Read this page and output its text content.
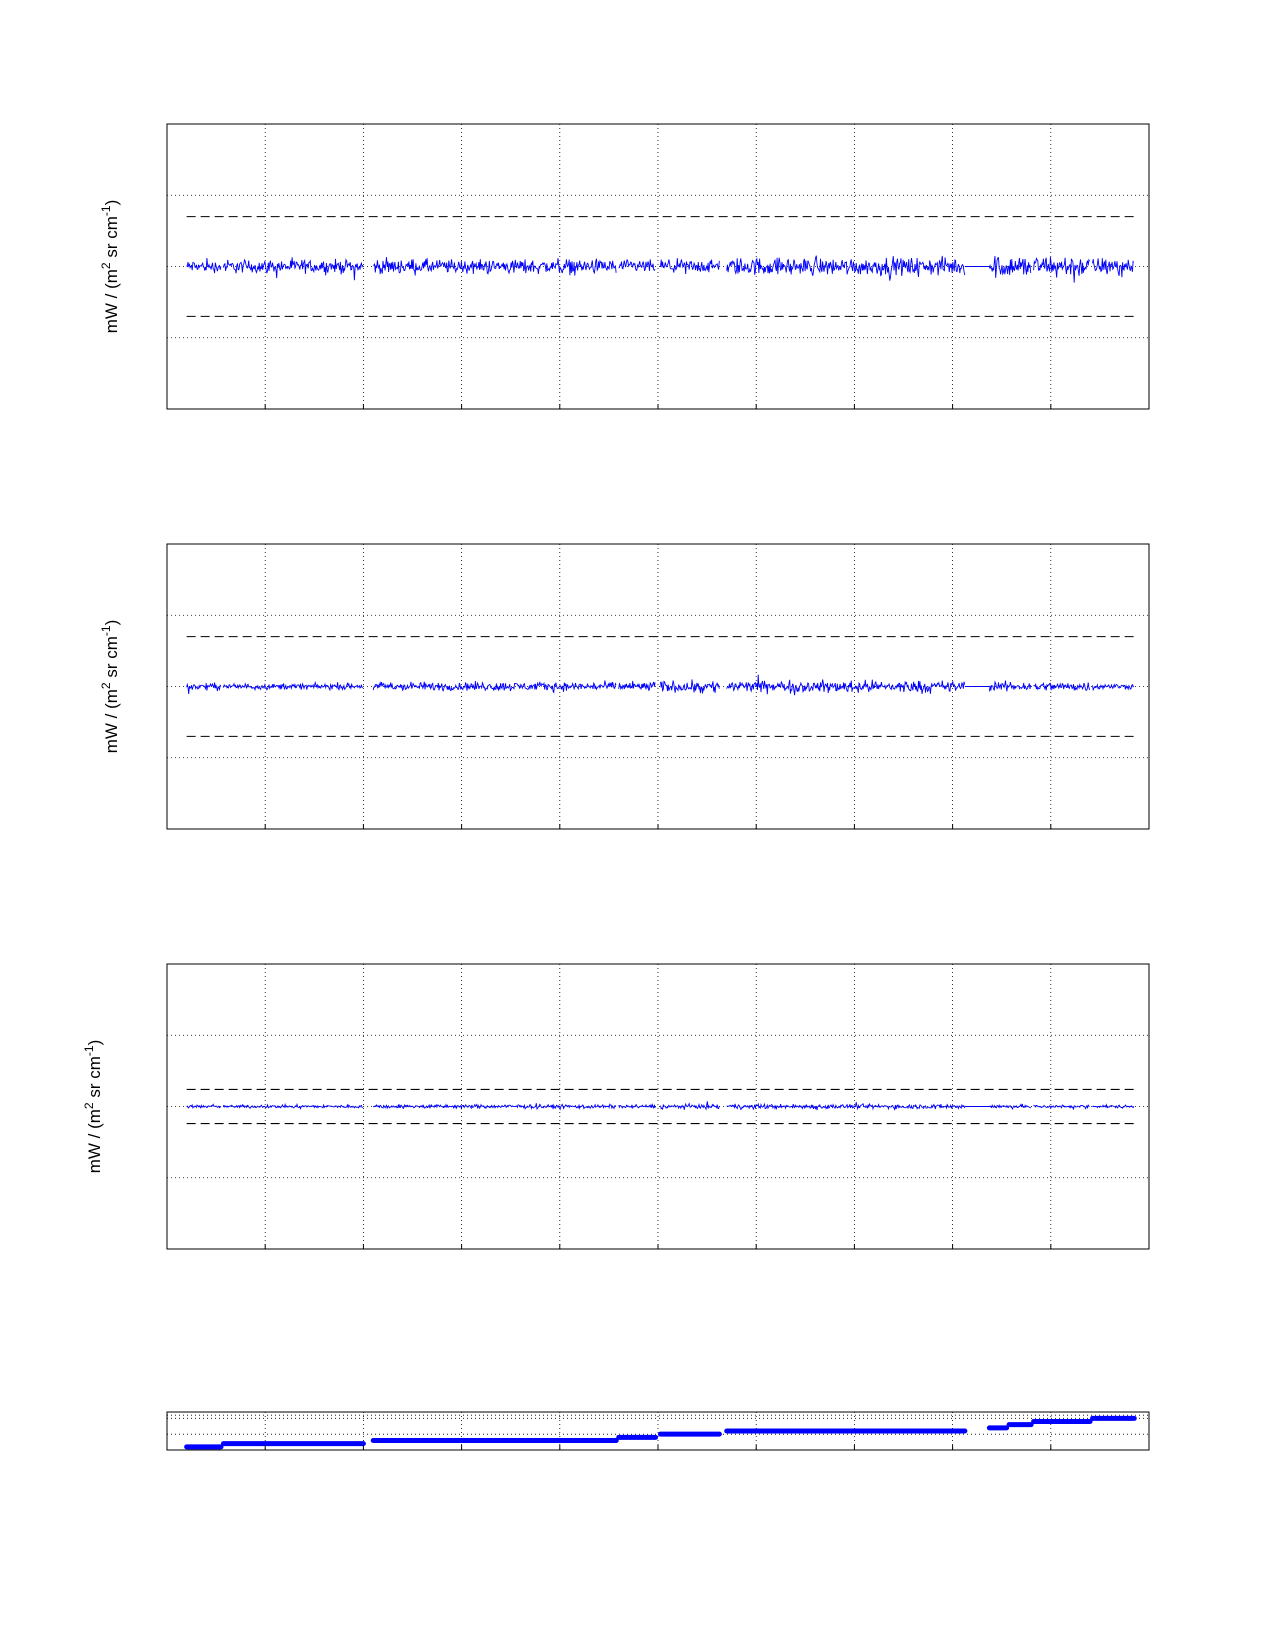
mW / ($m^2$ sr $cm^{-1}$)
mW / ($m^2$ sr $cm^{-1}$)
mW / ($m^2$ sr $cm^{-1}$)
